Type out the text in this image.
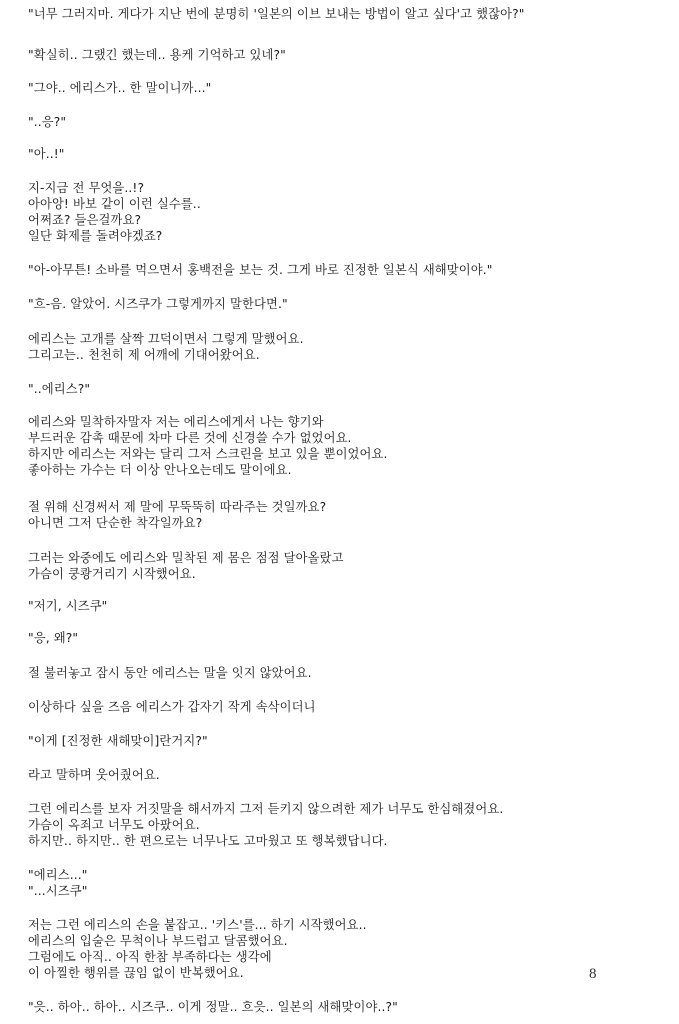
"너무 그러지마. 게다가 지난 번에 분명히 '일본의 이브 보내는 방법이 알고 싶다'고 했잖아?"
"확실히.. 그랬긴 했는데.. 용케 기억하고 있네?"
"그야.. 에리스가.. 한 말이니까..."
"..응?"
"아..!"
지-지금 전 무엇을..!?
아아앙! 바보 같이 이런 실수를..
어쩌죠? 들은걸까요?
일단 화제를 돌려야겠죠?
"아-아무튼! 소바를 먹으면서 홍백전을 보는 것. 그게 바로 진정한 일본식 새해맞이야."
"흐-음. 알았어. 시즈쿠가 그렇게까지 말한다면."
에리스는 고개를 살짝 끄덕이면서 그렇게 말했어요.
그리고는.. 천천히 제 어깨에 기대어왔어요.
"..에리스?"
에리스와 밀착하자말자 저는 에리스에게서 나는 향기와
부드러운 감촉 때문에 차마 다른 것에 신경쓸 수가 없었어요.
하지만 에리스는 저와는 달리 그저 스크린을 보고 있을 뿐이었어요.
좋아하는 가수는 더 이상 안나오는데도 말이에요.
절 위해 신경써서 제 말에 무뚝뚝히 따라주는 것일까요?
아니면 그저 단순한 착각일까요?
그러는 와중에도 에리스와 밀착된 제 몸은 점점 달아올랐고
가슴이 쿵쾅거리기 시작했어요.
"저기, 시즈쿠"
"응, 왜?"
절 불러놓고 잠시 동안 에리스는 말을 잇지 않았어요.
이상하다 싶을 즈음 에리스가 갑자기 작게 속삭이더니
"이게 [진정한 새해맞이]란거지?"
라고 말하며 웃어줬어요.
그런 에리스를 보자 거짓말을 해서까지 그저 듣키지 않으려한 제가 너무도 한심해졌어요.
가슴이 옥죄고 너무도 아팠어요.
하지만.. 하지만.. 한 편으로는 너무나도 고마웠고 또 행복했답니다.
"에리스..."
"...시즈쿠"
저는 그런 에리스의 손을 붙잡고.. '키스'를... 하기 시작했어요..
에리스의 입술은 무척이나 부드럽고 달콤했어요.
그럼에도 아직.. 아직 한참 부족하다는 생각에
이 아찔한 행위를 끊임 없이 반복했어요.
"읏.. 하아.. 하아.. 시즈쿠.. 이게 정말.. 흐읏.. 일본의 새해맞이야..?"
8
